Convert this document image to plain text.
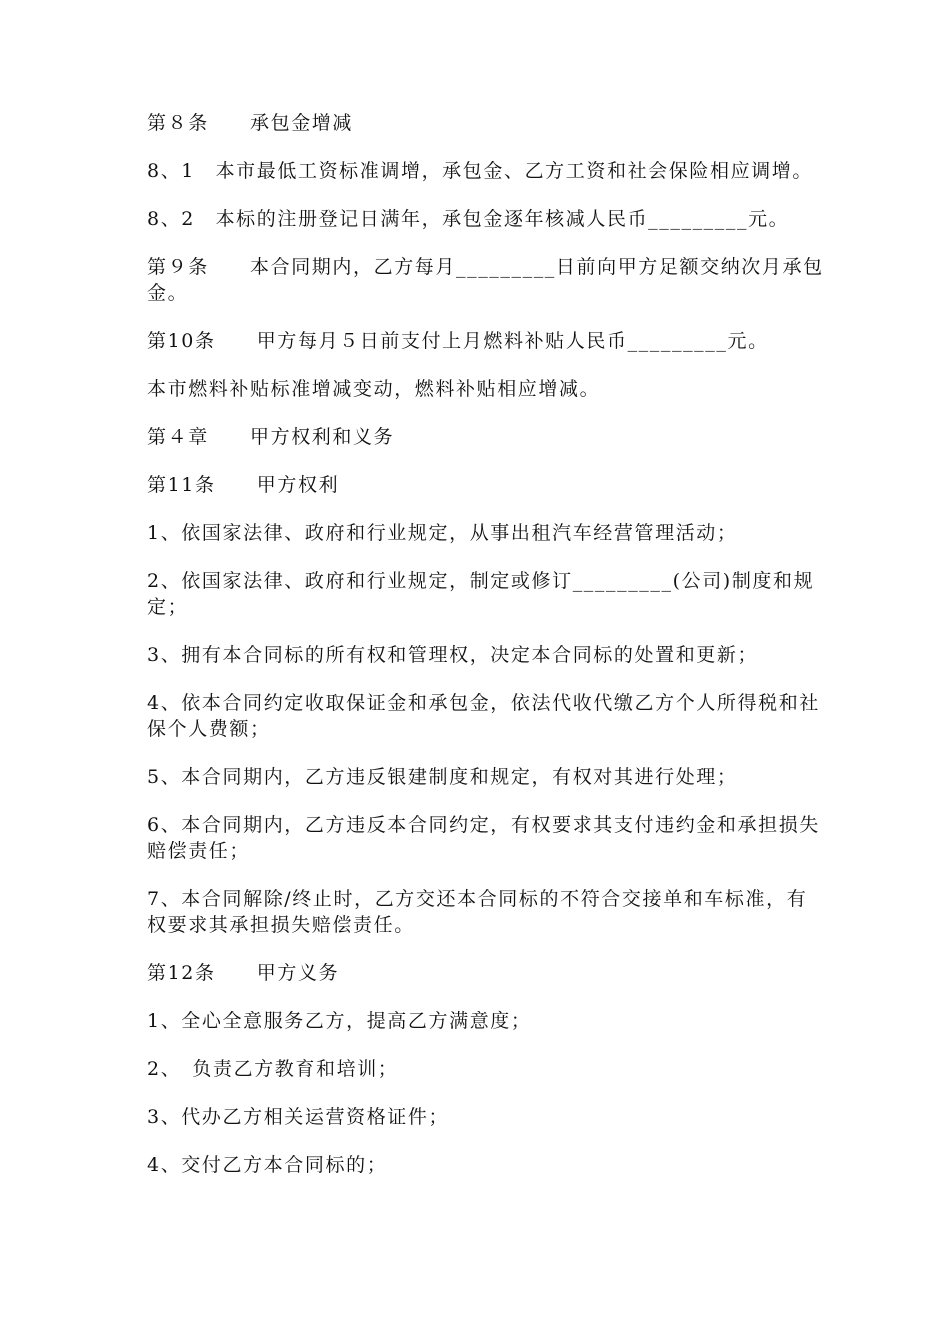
第８条　　承包金增减

8、1　本市最低工资标准调增，承包金、乙方工资和社会保险相应调增。

8、2　本标的注册登记日满年，承包金逐年核减人民币_________元。

第９条　　本合同期内，乙方每月_________日前向甲方足额交纳次月承包金。

第10条　　甲方每月５日前支付上月燃料补贴人民币_________元。

本市燃料补贴标准增减变动，燃料补贴相应增减。

第４章　　甲方权利和义务

第11条　　甲方权利

1、依国家法律、政府和行业规定，从事出租汽车经营管理活动；

2、依国家法律、政府和行业规定，制定或修订_________(公司)制度和规定；

3、拥有本合同标的所有权和管理权，决定本合同标的处置和更新；

4、依本合同约定收取保证金和承包金，依法代收代缴乙方个人所得税和社保个人费额；

5、本合同期内，乙方违反银建制度和规定，有权对其进行处理；

6、本合同期内，乙方违反本合同约定，有权要求其支付违约金和承担损失赔偿责任；

7、本合同解除/终止时，乙方交还本合同标的不符合交接单和车标准，有权要求其承担损失赔偿责任。

第12条　　甲方义务

1、全心全意服务乙方，提高乙方满意度；

2、　负责乙方教育和培训；

3、代办乙方相关运营资格证件；

4、交付乙方本合同标的；
